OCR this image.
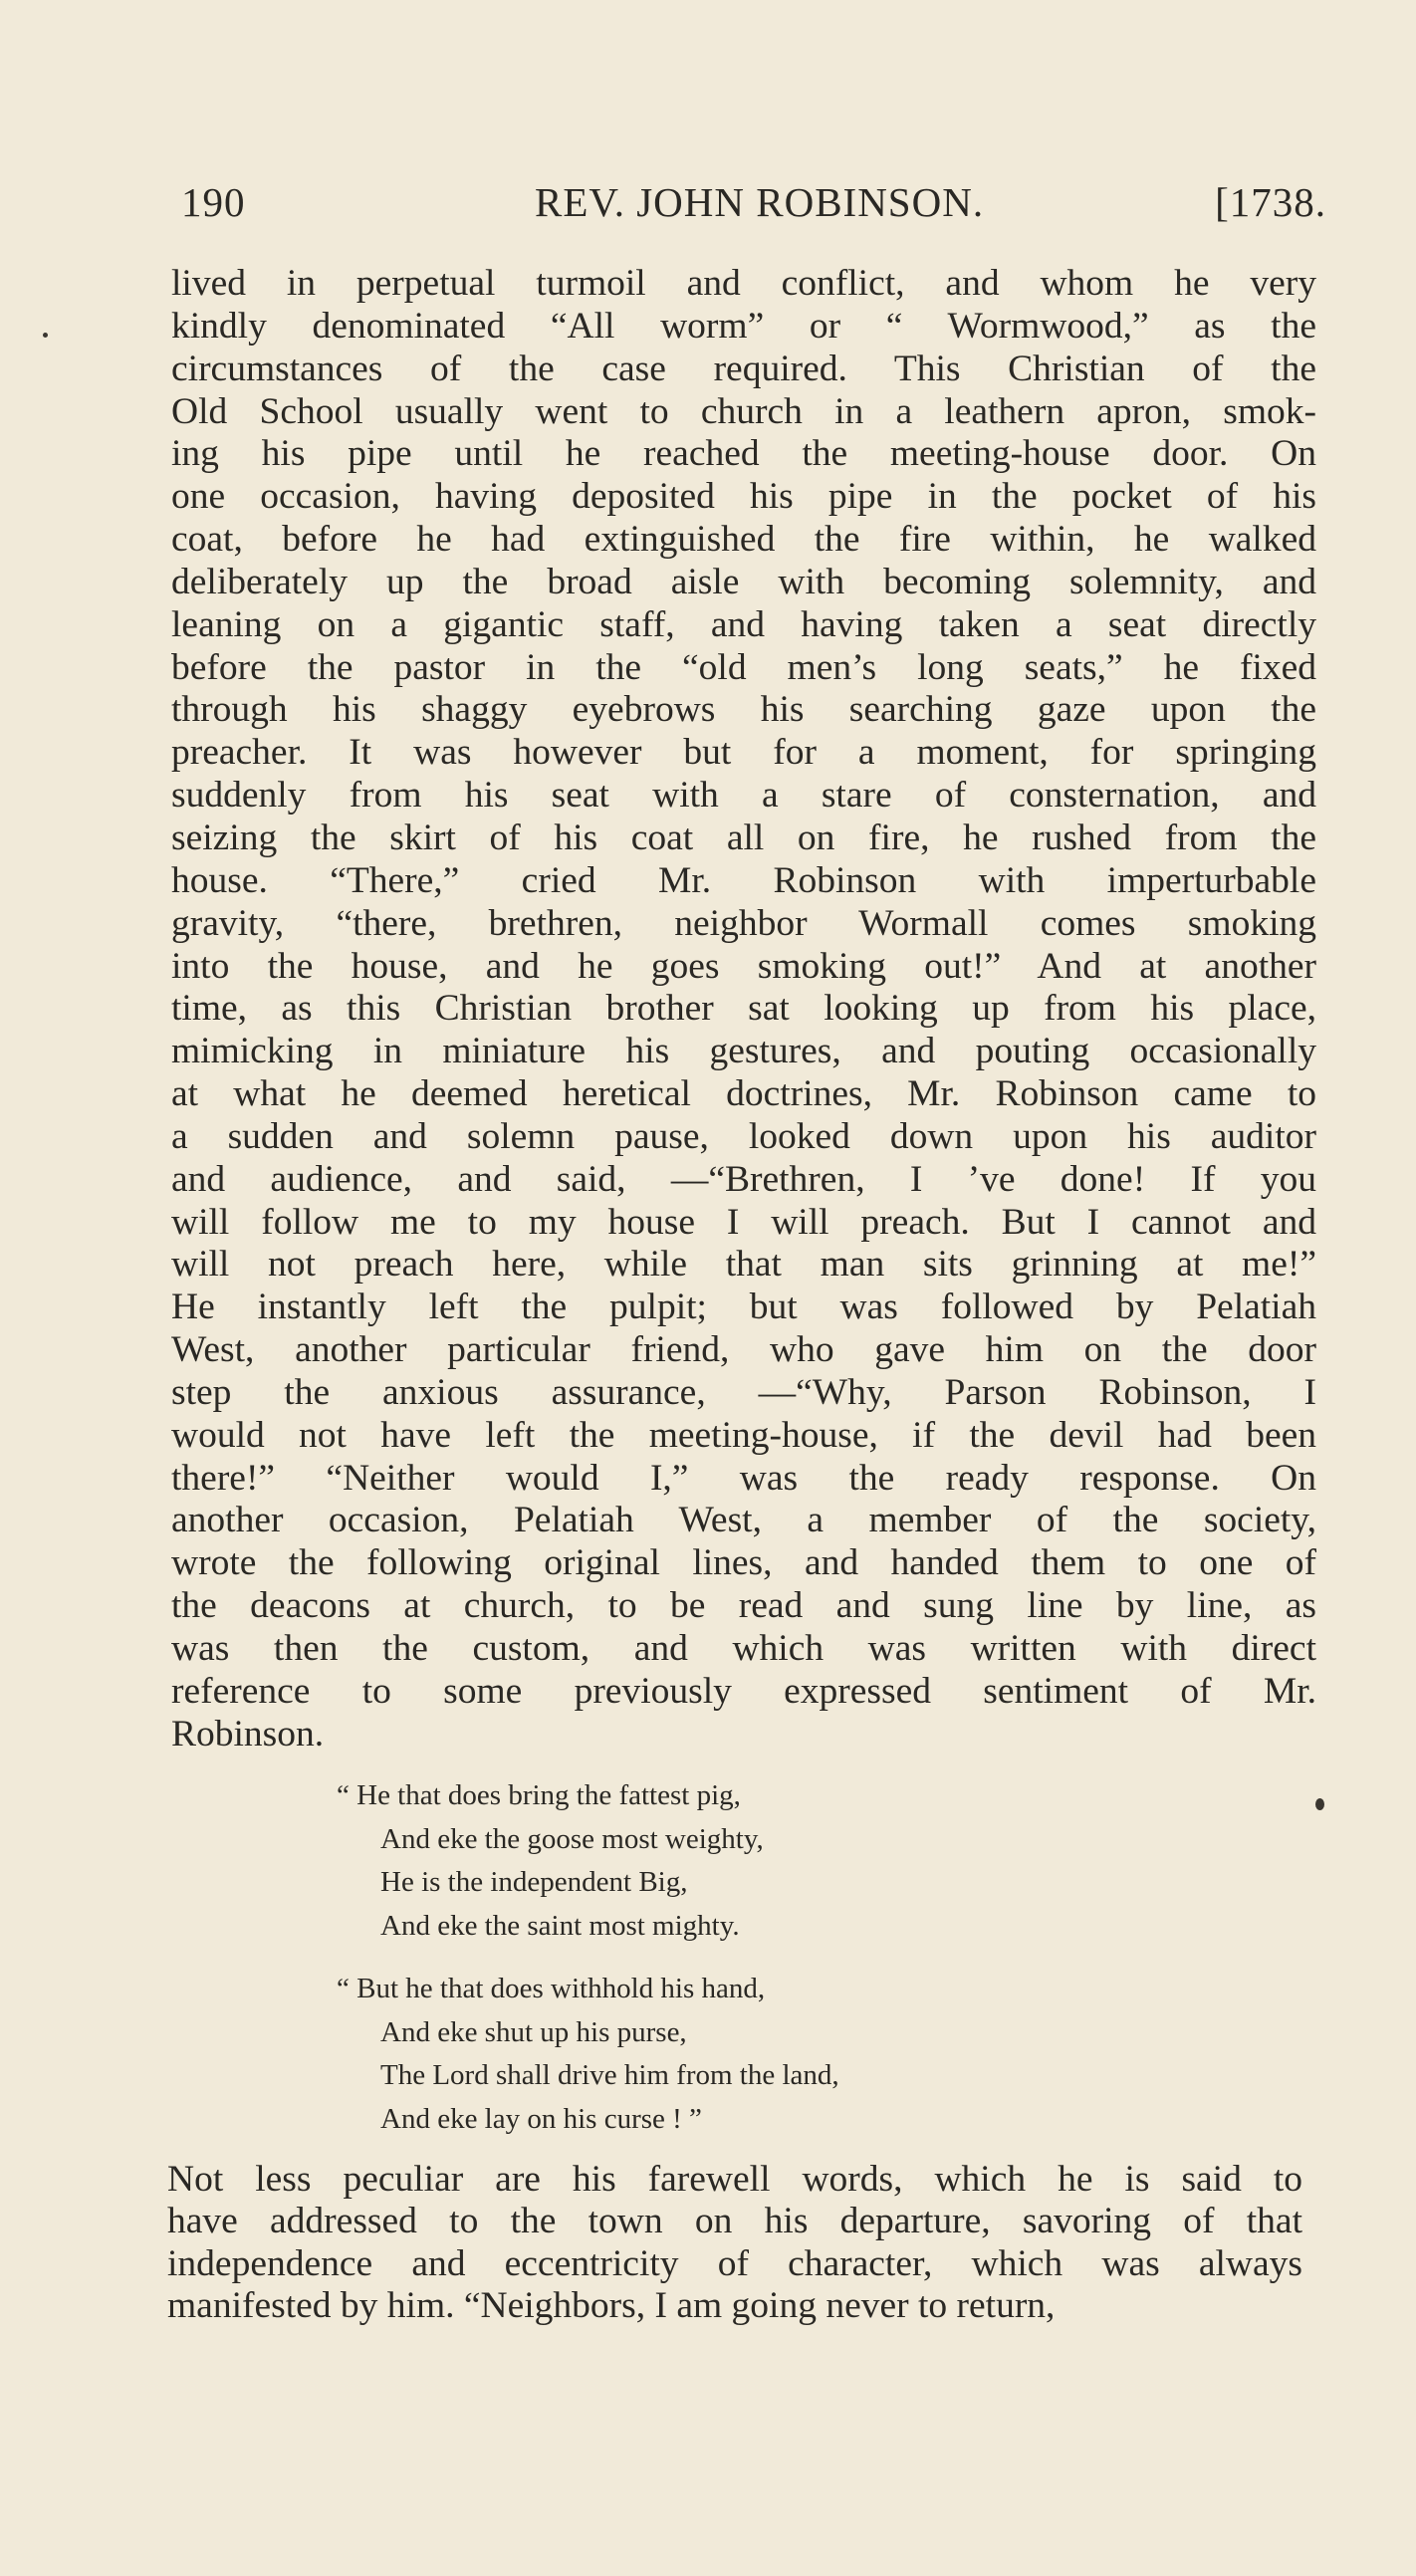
190	REV. JOHN ROBINSON.	[1738.
lived in perpetual turmoil and conflict, and whom he very
kindly denominated “All worm” or “ Wormwood,” as the
circumstances of the case required. This Christian of the
Old School usually went to church in a leathern apron, smok-
ing his pipe until he reached the meeting-house door. On
one occasion, having deposited his pipe in the pocket of his
coat, before he had extinguished the fire within, he walked
deliberately up the broad aisle with becoming solemnity, and
leaning on a gigantic staff, and having taken a seat directly
before the pastor in the “old men’s long seats,” he fixed
through his shaggy eyebrows his searching gaze upon the
preacher. It was however but for a moment, for springing
suddenly from his seat with a stare of consternation, and
seizing the skirt of his coat all on fire, he rushed from the
house. “There,” cried Mr. Robinson with imperturbable
gravity, “there, brethren, neighbor Wormall comes smoking
into the house, and he goes smoking out!” And at another
time, as this Christian brother sat looking up from his place,
mimicking in miniature his gestures, and pouting occasionally
at what he deemed heretical doctrines, Mr. Robinson came to
a sudden and solemn pause, looked down upon his auditor
and audience, and said, —“Brethren, I ’ve done! If you
will follow me to my house I will preach. But I cannot and
will not preach here, while that man sits grinning at me!”
He instantly left the pulpit; but was followed by Pelatiah
West, another particular friend, who gave him on the door
step the anxious assurance, —“Why, Parson Robinson, I
would not have left the meeting-house, if the devil had been
there!” “Neither would I,” was the ready response. On
another occasion, Pelatiah West, a member of the society,
wrote the following original lines, and handed them to one of
the deacons at church, to be read and sung line by line, as
was then the custom, and which was written with direct
reference to some previously expressed sentiment of Mr.
Robinson.
“ He that does bring the fattest pig,
And eke the goose most weighty,
He is the independent Big,
And eke the saint most mighty.
“ But he that does withhold his hand,
And eke shut up his purse,
The Lord shall drive him from the land,
And eke lay on his curse ! ”
Not less peculiar are his farewell words, which he is said to
have addressed to the town on his departure, savoring of that
independence and eccentricity of character, which was always
manifested by him. “Neighbors, I am going never to return,
